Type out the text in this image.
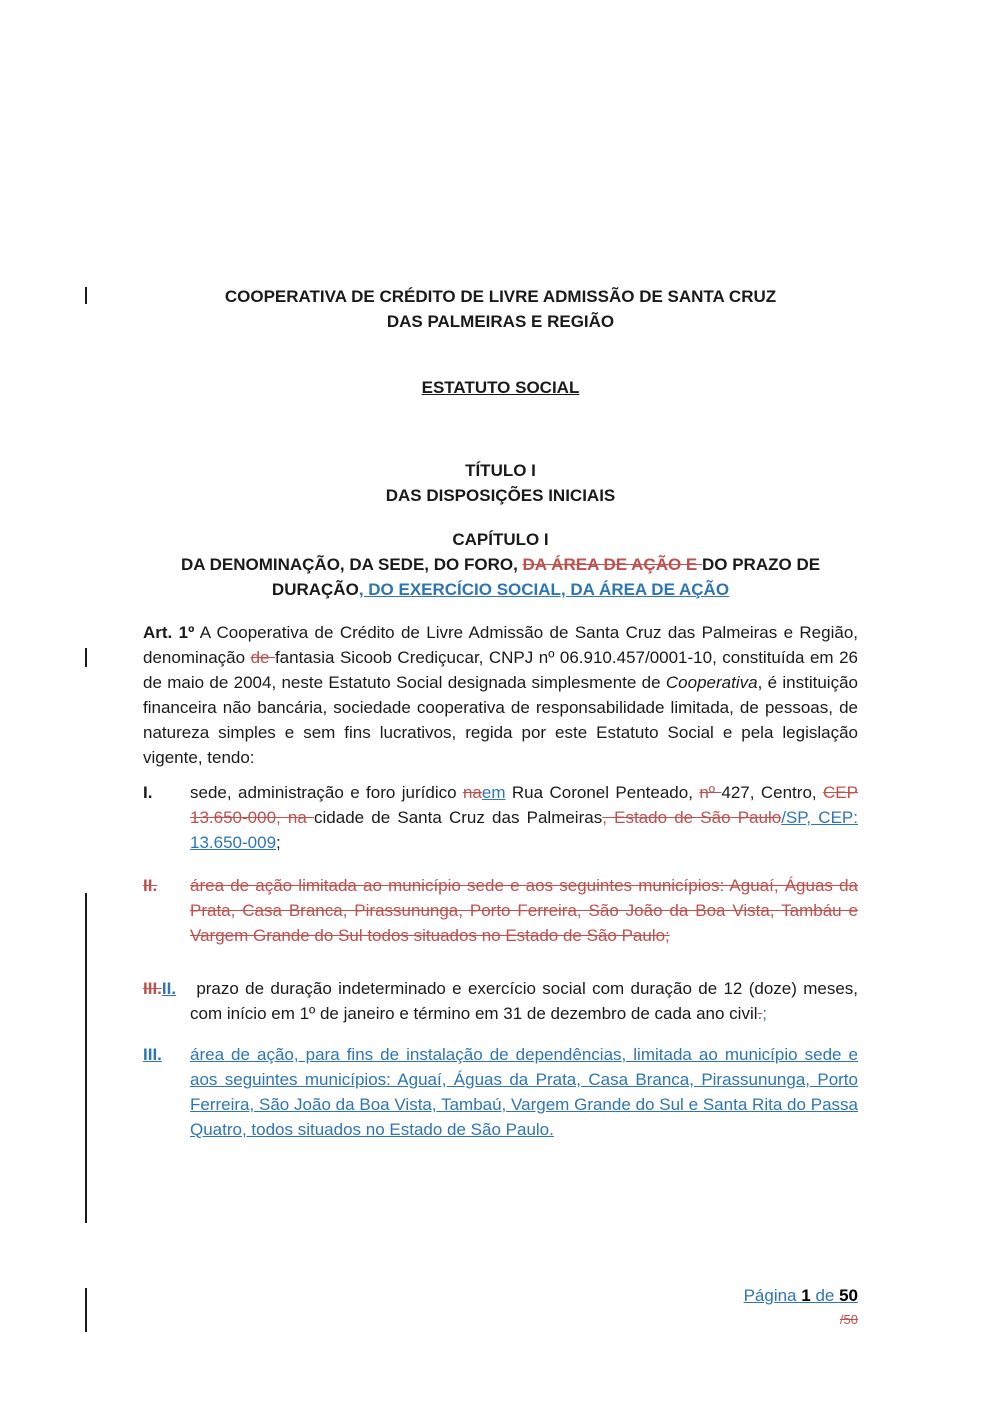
COOPERATIVA DE CRÉDITO DE LIVRE ADMISSÃO DE SANTA CRUZ
DAS PALMEIRAS E REGIÃO
ESTATUTO SOCIAL
TÍTULO I
DAS DISPOSIÇÕES INICIAIS
CAPÍTULO I
DA DENOMINAÇÃO, DA SEDE, DO FORO, DA ÁREA DE AÇÃO E DO PRAZO DE DURAÇÃO, DO EXERCÍCIO SOCIAL, DA ÁREA DE AÇÃO

Art. 1º A Cooperativa de Crédito de Livre Admissão de Santa Cruz das Palmeiras e Região, denominação de fantasia Sicoob Crediçucar, CNPJ nº 06.910.457/0001-10, constituída em 26 de maio de 2004, neste Estatuto Social designada simplesmente de Cooperativa, é instituição financeira não bancária, sociedade cooperativa de responsabilidade limitada, de pessoas, de natureza simples e sem fins lucrativos, regida por este Estatuto Social e pela legislação vigente, tendo:

I. sede, administração e foro jurídico naem Rua Coronel Penteado, nº 427, Centro, CEP 13.650-000, na cidade de Santa Cruz das Palmeiras, Estado de São Paulo/SP, CEP: 13.650-009;
II. área de ação limitada ao município sede e aos seguintes municípios: Aguaí, Águas da Prata, Casa Branca, Pirassununga, Porto Ferreira, São João da Boa Vista, Tambáu e Vargem Grande do Sul todos situados no Estado de São Paulo;
III.II. prazo de duração indeterminado e exercício social com duração de 12 (doze) meses, com início em 1º de janeiro e término em 31 de dezembro de cada ano civil.;
III. área de ação, para fins de instalação de dependências, limitada ao município sede e aos seguintes municípios: Aguaí, Águas da Prata, Casa Branca, Pirassununga, Porto Ferreira, São João da Boa Vista, Tambaú, Vargem Grande do Sul e Santa Rita do Passa Quatro, todos situados no Estado de São Paulo.
Página 1 de 50
/50
